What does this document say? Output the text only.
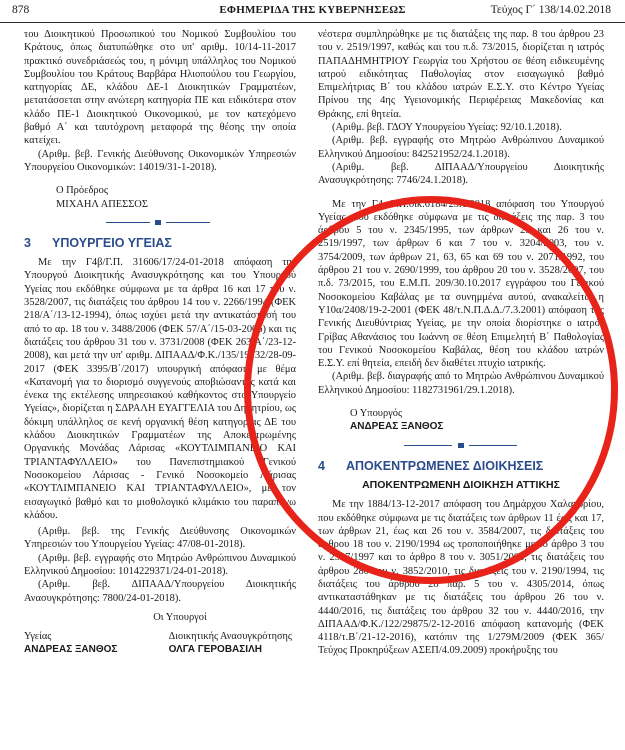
878	ΕΦΗΜΕΡΙΔΑ ΤΗΣ ΚΥΒΕΡΝΗΣΕΩΣ	Τεύχος Γ΄ 138/14.02.2018

του Διοικητικού Προσωπικού του Νομικού Συμβουλίου του Κράτους, όπως διατυπώθηκε στο υπ' αριθμ. 10/14-11-2017 πρακτικό συνεδριάσεώς του, η μόνιμη υπάλληλος του Νομικού Συμβουλίου του Κράτους Βαρβάρα Ηλιοπούλου του Γεωργίου, κατηγορίας ΔΕ, κλάδου ΔΕ-1 Διοικητικών Γραμματέων, μετατάσσεται στην ανώτερη κατηγορία ΠΕ και ειδικότερα στον κλάδο ΠΕ-1 Διοικητικού Οικονομικού, με τον κατεχόμενο βαθμό Α΄ και ταυτόχρονη μεταφορά της θέσης την οποία κατείχει.

(Αριθμ. βεβ. Γενικής Διεύθυνσης Οικονομικών Υπηρεσιών Υπουργείου Οικονομικών: 14019/31-1-2018).

Ο Πρόεδρος

ΜΙΧΑΗΛ ΑΠΕΣΣΟΣ

3 ΥΠΟΥΡΓΕΙΟ ΥΓΕΙΑΣ

Με την Γ4β/Γ.Π. 31606/17/24-01-2018 απόφαση της Υπουργού Διοικητικής Ανασυγκρότησης και του Υπουργού Υγείας που εκδόθηκε σύμφωνα με τα άρθρα 16 και 17 του ν. 3528/2007, τις διατάξεις του άρθρου 14 του ν. 2266/1994 (ΦΕΚ 218/Α΄/13-12-1994), όπως ισχύει μετά την αντικατάστασή του από το αρ. 18 του ν. 3488/2006 (ΦΕΚ 57/Α΄/15-03-2006) και τις διατάξεις του άρθρου 31 του ν. 3731/2008 (ΦΕΚ 263/Α΄/23-12-2008), και μετά την υπ' αριθμ. ΔΙΠΑΑΔ/Φ.Κ./135/19132/28-09-2017 (ΦΕΚ 3395/Β΄/2017) υπουργική απόφαση με θέμα «Κατανομή για το διορισμό συγγενούς αποβιώσαντος κατά και ένεκα της εκτέλεσης υπηρεσιακού καθήκοντος στο Υπουργείο Υγείας», διορίζεται η ΣΔΡΑΛΗ ΕΥΑΓΓΕΛΙΑ του Δημητρίου, ως δόκιμη υπάλληλος σε κενή οργανική θέση κατηγορίας ΔΕ του κλάδου Διοικητικών Γραμματέων της Αποκεντρωμένης Οργανικής Μονάδας Λάρισας «ΚΟΥΤΛΙΜΠΑΝΕΙΟ ΚΑΙ ΤΡΙΑΝΤΑΦΥΛΛΕΙΟ» του Πανεπιστημιακού Γενικού Νοσοκομείου Λάρισας - Γενικό Νοσοκομείο Λάρισας «ΚΟΥΤΛΙΜΠΑΝΕΙΟ ΚΑΙ ΤΡΙΑΝΤΑΦΥΛΛΕΙΟ», με τον εισαγωγικό βαθμό και το μισθολογικό κλιμάκιο του παραπάνω κλάδου.

(Αριθμ. βεβ. της Γενικής Διεύθυνσης Οικονομικών Υπηρεσιών του Υπουργείου Υγείας: 47/08-01-2018).

(Αριθμ. βεβ. εγγραφής στο Μητρώο Ανθρώπινου Δυναμικού Ελληνικού Δημοσίου: 1014229371/24-01-2018).

(Αριθμ. βεβ. ΔΙΠΑΑΔ/Υπουργείου Διοικητικής Ανασυγκρότησης: 7800/24-01-2018).

Οι Υπουργοί

Υγείας
ΑΝΔΡΕΑΣ ΞΑΝΘΟΣ
Διοικητικής Ανασυγκρότησης
ΟΛΓΑ ΓΕΡΟΒΑΣΙΛΗ

νέστερα συμπληρώθηκε με τις διατάξεις της παρ. 8 του άρθρου 23 του ν. 2519/1997, καθώς και του π.δ. 73/2015, διορίζεται η ιατρός ΠΑΠΑΔΗΜΗΤΡΙΟΥ Γεωργία του Χρήστου σε θέση ειδικευμένης ιατρού ειδικότητας Παθολογίας στον εισαγωγικό βαθμό Επιμελήτριας Β΄ του κλάδου ιατρών Ε.Σ.Υ. στο Κέντρο Υγείας Πρίνου της 4ης Υγειονομικής Περιφέρειας Μακεδονίας και Θράκης, επί θητεία.

(Αριθμ. βεβ. ΓΔΟΥ Υπουργείου Υγείας: 92/10.1.2018).

(Αριθμ. βεβ. εγγραφής στο Μητρώο Ανθρώπινου Δυναμικού Ελληνικού Δημοσίου: 842521952/24.1.2018).

(Αριθμ. βεβ. ΔΙΠΑΑΔ/Υπουργείου Διοικητικής Ανασυγκρότησης: 7746/24.1.2018).

Με την Γ4α/Γ.Π.οικ.6184/23.1.2018 απόφαση του Υπουργού Υγείας, που εκδόθηκε σύμφωνα με τις διατάξεις της παρ. 3 του άρθρου 5 του ν. 2345/1995, των άρθρων 23 και 26 του ν. 2519/1997, των άρθρων 6 και 7 του ν. 3204/2003, του ν. 3754/2009, των άρθρων 21, 63, 65 και 69 του ν. 2071/1992, του άρθρου 21 του ν. 2690/1999, του άρθρου 20 του ν. 3528/2007, του π.δ. 73/2015, του Ε.Μ.Π. 209/30.10.2017 εγγράφου του Γενικού Νοσοκομείου Καβάλας με τα συνημμένα αυτού, ανακαλείται η Υ10α/2408/19-2-2001 (ΦΕΚ 48/τ.Ν.Π.Δ.Δ./7.3.2001) απόφαση της Γενικής Διευθύντριας Υγείας, με την οποία διορίστηκε ο ιατρός Γρίβας Αθανάσιος του Ιωάννη σε θέση Επιμελητή Β΄ Παθολογίας του Γενικού Νοσοκομείου Καβάλας, θέση του κλάδου ιατρών Ε.Σ.Υ. επί θητεία, επειδή δεν διαθέτει πτυχίο ιατρικής.

(Αριθμ. βεβ. διαγραφής από το Μητρώο Ανθρώπινου Δυναμικού Ελληνικού Δημοσίου: 1182731961/29.1.2018).

Ο Υπουργός

ΑΝΔΡΕΑΣ ΞΑΝΘΟΣ

4 ΑΠΟΚΕΝΤΡΩΜΕΝΕΣ ΔΙΟΙΚΗΣΕΙΣ

ΑΠΟΚΕΝΤΡΩΜΕΝΗ ΔΙΟΙΚΗΣΗ ΑΤΤΙΚΗΣ

Με την 1884/13-12-2017 απόφαση του Δημάρχου Χαλανδρίου, που εκδόθηκε σύμφωνα με τις διατάξεις των άρθρων 11 έως και 17, των άρθρων 21, έως και 26 του ν. 3584/2007, τις διατάξεις του άρθρου 18 του ν. 2190/1994 ως τροποποιήθηκε με το άρθρο 3 του ν. 2527/1997 και το άρθρο 8 του ν. 3051/2003, τις διατάξεις του άρθρου 280 του ν. 3852/2010, τις διατάξεις του ν. 2190/1994, τις διατάξεις του άρθρου 28 παρ. 5 του ν. 4305/2014, όπως αντικαταστάθηκαν με τις διατάξεις του άρθρου 26 του ν. 4440/2016, τις διατάξεις του άρθρου 32 του ν. 4440/2016, την ΔΙΠΑΑΔ/Φ.Κ./122/29875/2-12-2016 απόφαση κατανομής (ΦΕΚ 4118/τ.Β΄/21-12-2016), κατόπιν της 1/279Μ/2009 (ΦΕΚ 365/Τεύχος Προκηρύξεων ΑΣΕΠ/4.09.2009) προκήρυξης του
